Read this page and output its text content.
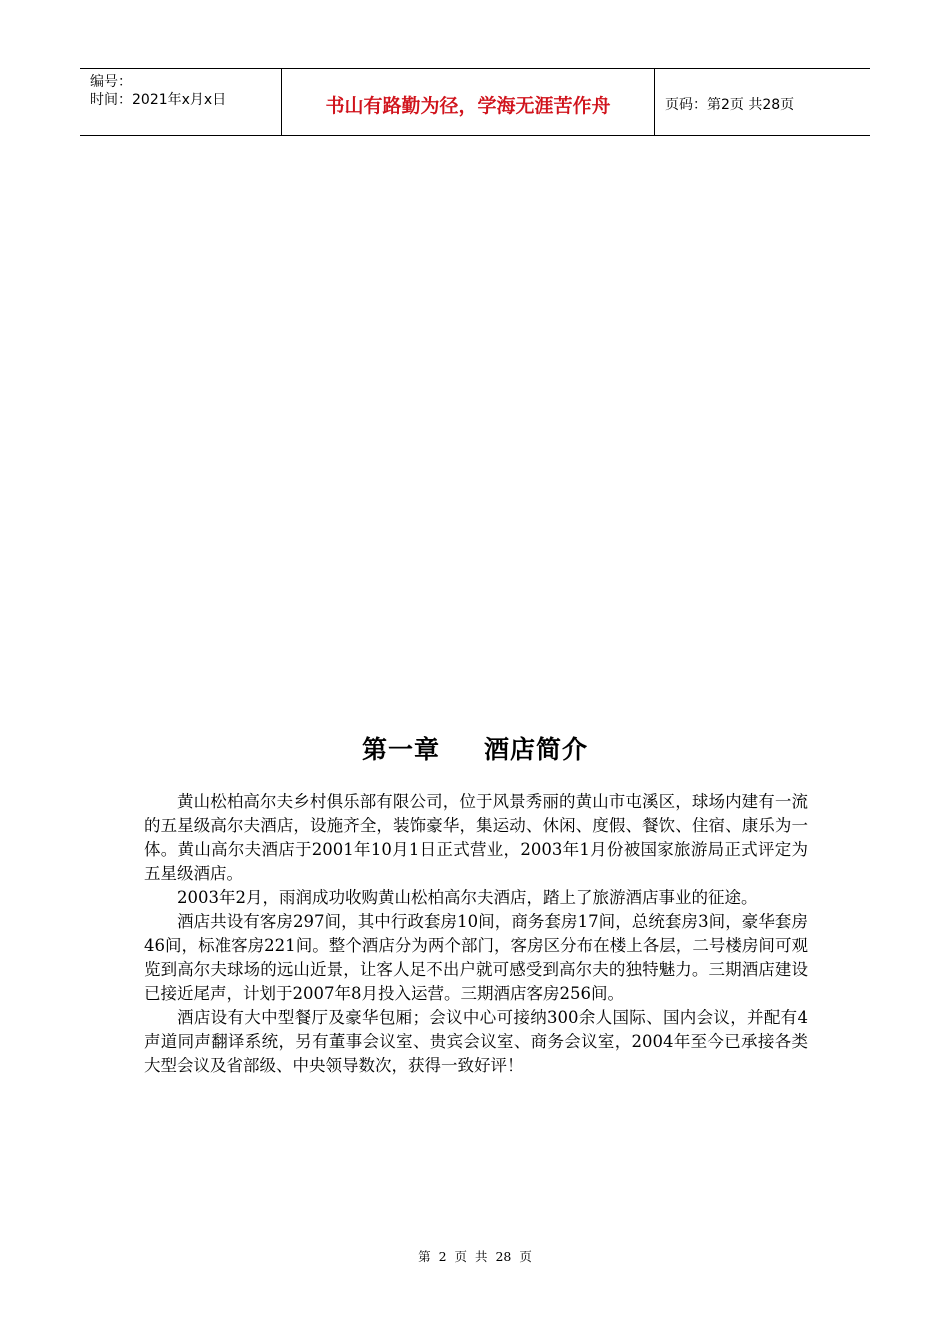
编号：
时间：2021年x月x日	书山有路勤为径，学海无涯苦作舟	页码：第2页 共28页
第一章 酒店简介

黄山松柏高尔夫乡村俱乐部有限公司，位于风景秀丽的黄山市屯溪区，球场内建有一流的五星级高尔夫酒店，设施齐全，装饰豪华，集运动、休闲、度假、餐饮、住宿、康乐为一体。黄山高尔夫酒店于2001年10月1日正式营业，2003年1月份被国家旅游局正式评定为五星级酒店。

2003年2月，雨润成功收购黄山松柏高尔夫酒店，踏上了旅游酒店事业的征途。

酒店共设有客房297间，其中行政套房10间，商务套房17间，总统套房3间，豪华套房46间，标准客房221间。整个酒店分为两个部门，客房区分布在楼上各层，二号楼房间可观览到高尔夫球场的远山近景，让客人足不出户就可感受到高尔夫的独特魅力。三期酒店建设已接近尾声，计划于2007年8月投入运营。三期酒店客房256间。

酒店设有大中型餐厅及豪华包厢；会议中心可接纳300余人国际、国内会议，并配有4声道同声翻译系统，另有董事会议室、贵宾会议室、商务会议室，2004年至今已承接各类大型会议及省部级、中央领导数次，获得一致好评！

第 2 页 共 28 页
